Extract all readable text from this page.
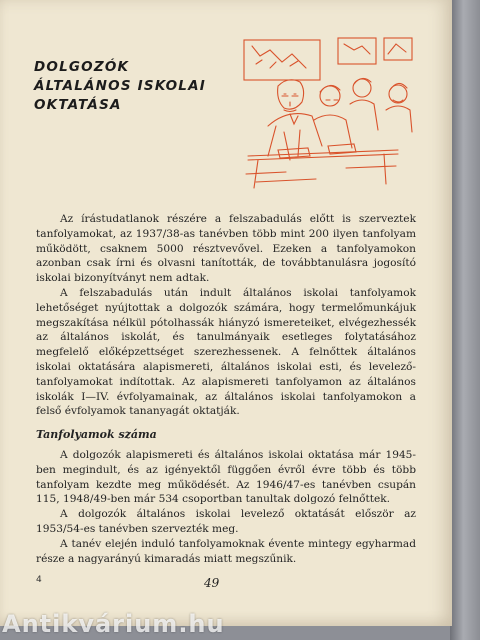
DOLGOZÓK
ÁLTALÁNOS ISKOLAI
OKTATÁSA

Az írástudatlanok részére a felszabadulás előtt is szerveztek tanfolyamokat, az 1937/38-as tanévben több mint 200 ilyen tanfolyam működött, csaknem 5000 résztvevővel. Ezeken a tanfolyamokon azonban csak írni és olvasni tanították, de továbbtanulásra jogosító iskolai bizonyítványt nem adtak.

A felszabadulás után indult általános iskolai tanfolyamok lehetőséget nyújtottak a dolgozók számára, hogy termelőmunkájuk megszakítása nélkül pótolhassák hiányzó ismereteiket, elvégezhessék az általános iskolát, és tanulmányaik esetleges folytatásához megfelelő előképzettséget szerezhessenek. A felnőttek általános iskolai oktatására alapismereti, általános iskolai esti, és levelező-tanfolyamokat indítottak. Az alapismereti tanfolyamon az általános iskolák I—IV. évfolyamainak, az általános iskolai tanfolyamokon a felső évfolyamok tananyagát oktatják.

Tanfolyamok száma

A dolgozók alapismereti és általános iskolai oktatása már 1945-ben megindult, és az igényektől függően évről évre több és több tanfolyam kezdte meg működését. Az 1946/47-es tanévben csupán 115, 1948/49-ben már 534 csoportban tanultak dolgozó felnőttek.

A dolgozók általános iskolai levelező oktatását először az 1953/54-es tanévben szervezték meg.

A tanév elején induló tanfolyamoknak évente mintegy egyharmad része a nagyarányú kimaradás miatt megszűnik.

4	49
Antikvárium.hu
